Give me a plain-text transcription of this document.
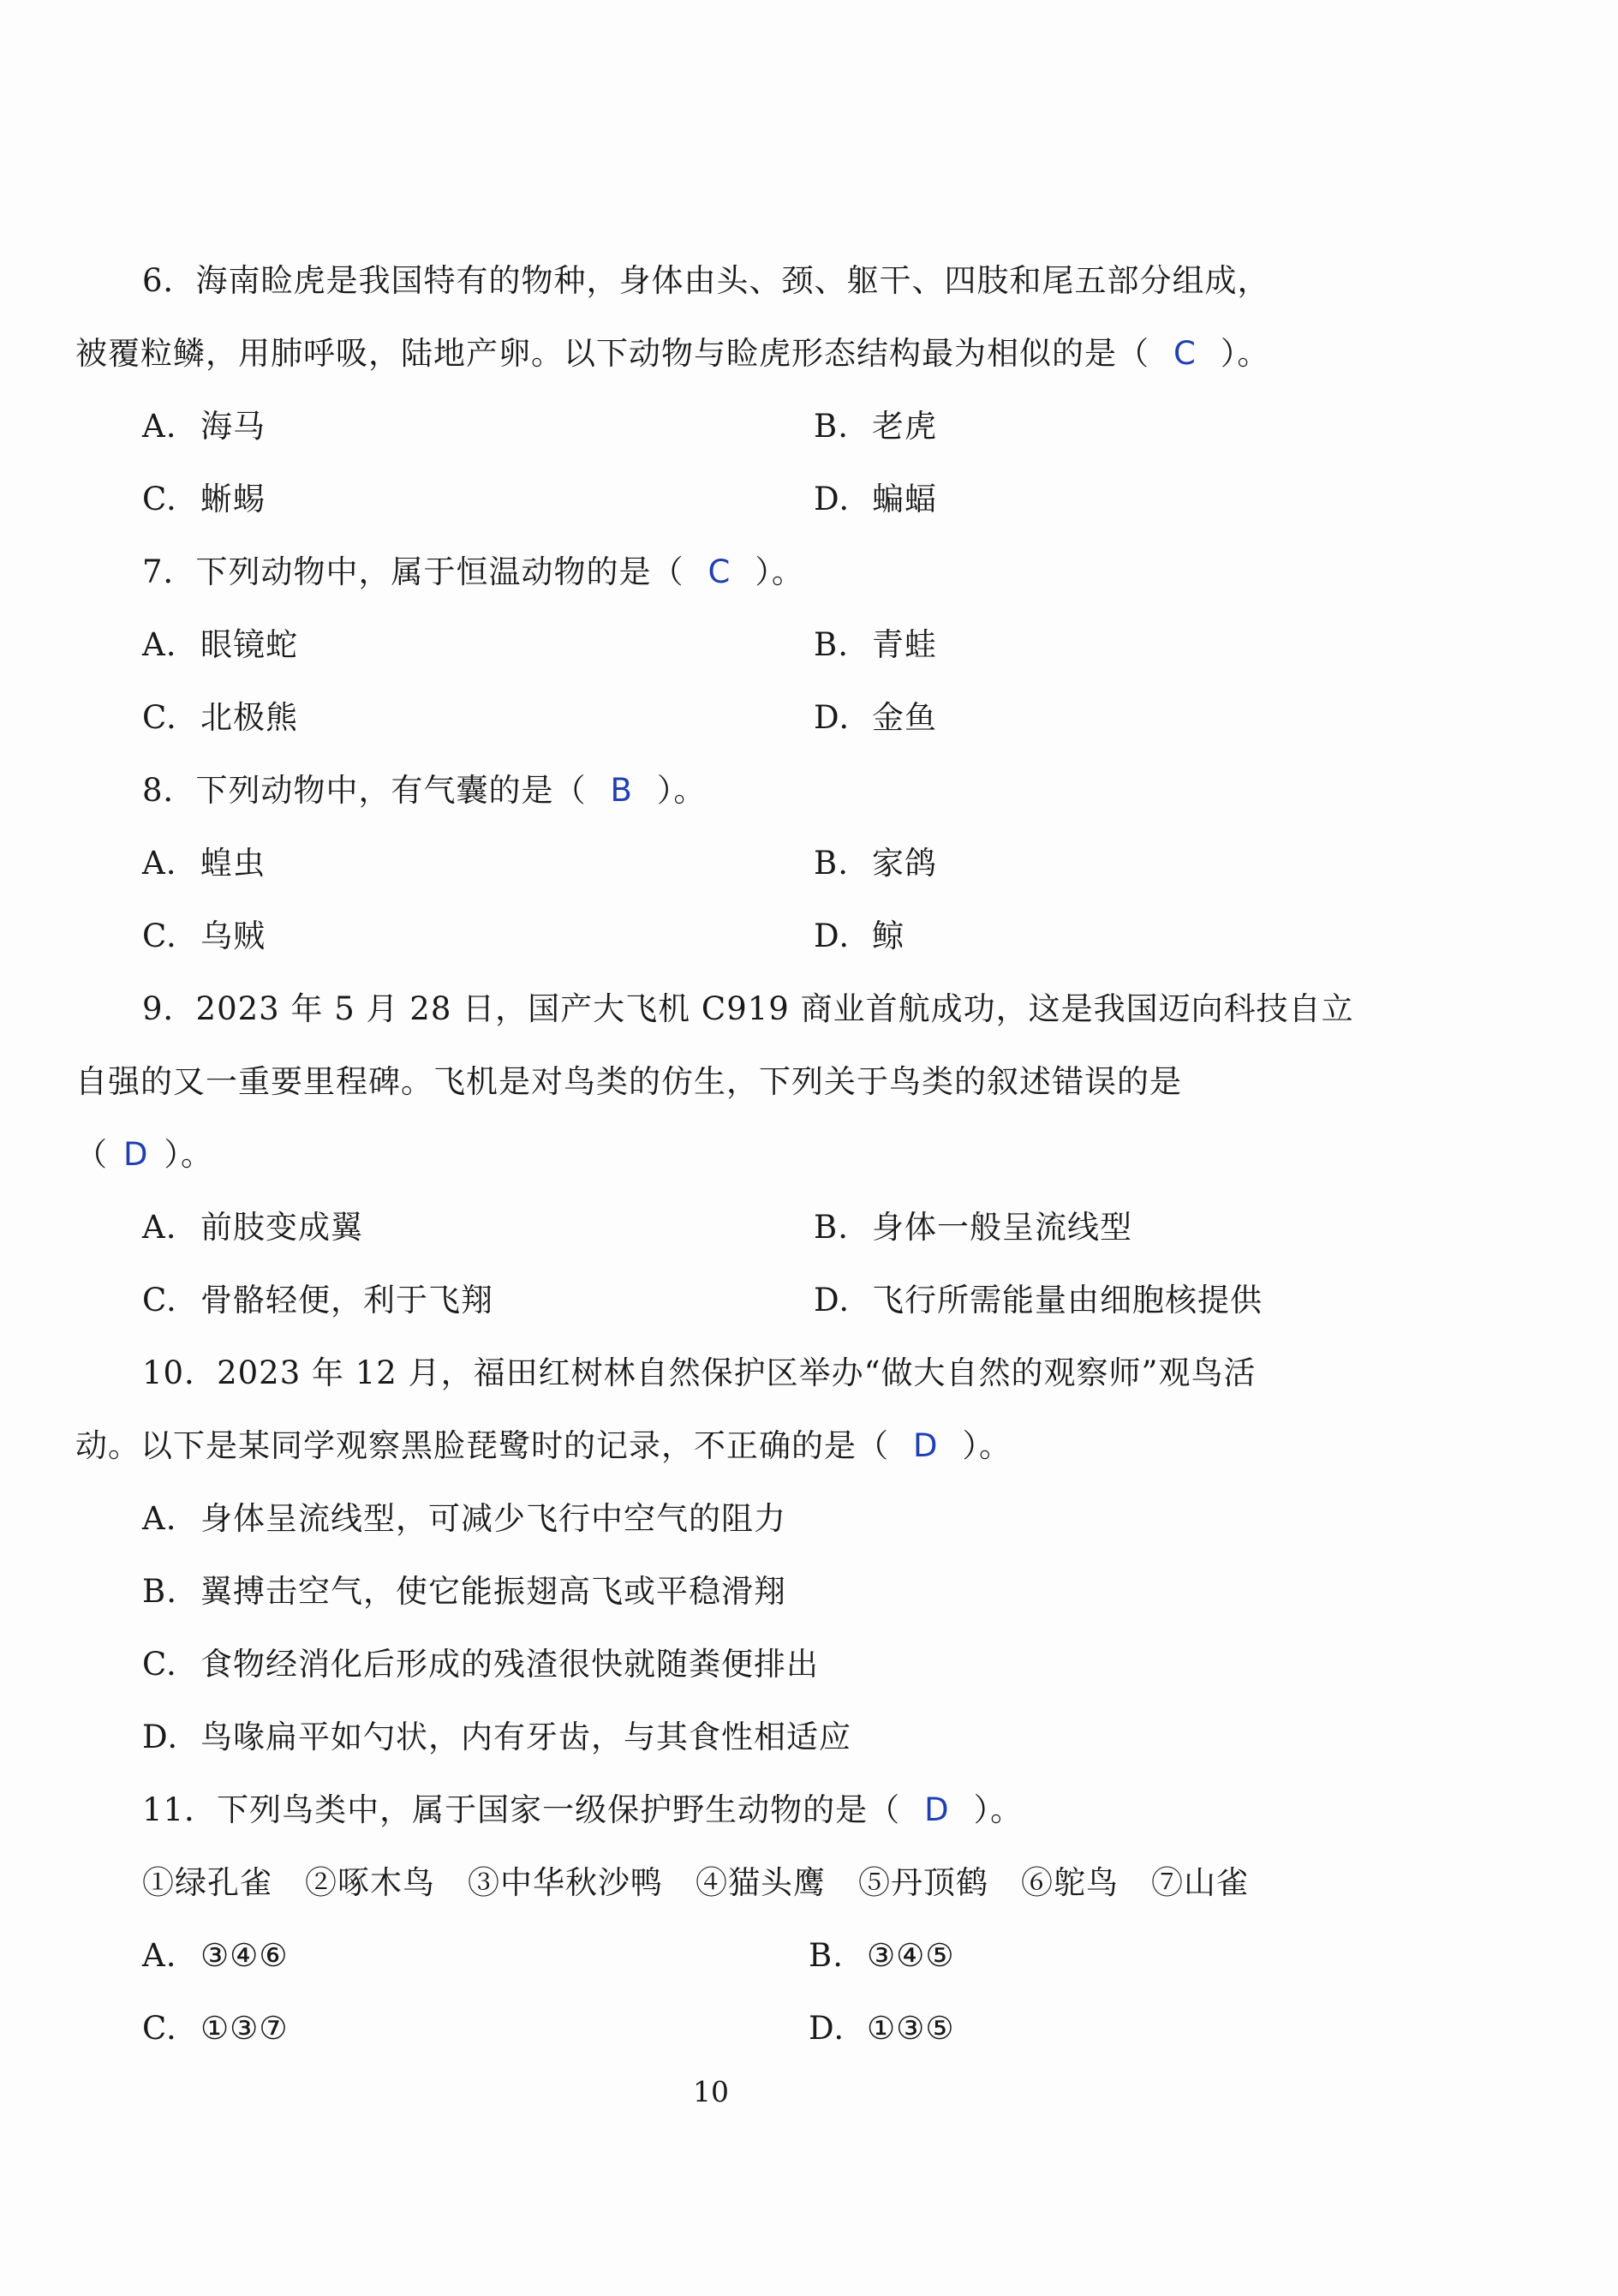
6．海南睑虎是我国特有的物种，身体由头、颈、躯干、四肢和尾五部分组成，
被覆粒鳞，用肺呼吸，陆地产卵。以下动物与睑虎形态结构最为相似的是（ C ）。
A. 海马	B. 老虎
C. 蜥蜴	D. 蝙蝠
7．下列动物中，属于恒温动物的是（ C ）。
A. 眼镜蛇	B. 青蛙
C. 北极熊	D. 金鱼
8．下列动物中，有气囊的是（ B ）。
A. 蝗虫	B. 家鸽
C. 乌贼	D. 鲸
9．2023 年 5 月 28 日，国产大飞机 C919 商业首航成功，这是我国迈向科技自立
自强的又一重要里程碑。飞机是对鸟类的仿生，下列关于鸟类的叙述错误的是
（ D ）。
A. 前肢变成翼	B. 身体一般呈流线型
C. 骨骼轻便，利于飞翔	D. 飞行所需能量由细胞核提供
10．2023 年 12 月，福田红树林自然保护区举办“做大自然的观察师”观鸟活
动。以下是某同学观察黑脸琵鹭时的记录，不正确的是（ D ）。
A. 身体呈流线型，可减少飞行中空气的阻力
B. 翼搏击空气，使它能振翅高飞或平稳滑翔
C. 食物经消化后形成的残渣很快就随粪便排出
D. 鸟喙扁平如勺状，内有牙齿，与其食性相适应
11．下列鸟类中，属于国家一级保护野生动物的是（ D ）。
①绿孔雀　②啄木鸟　③中华秋沙鸭　④猫头鹰　⑤丹顶鹤　⑥鸵鸟　⑦山雀
A. ③④⑥	B. ③④⑤
C. ①③⑦	D. ①③⑤
10
